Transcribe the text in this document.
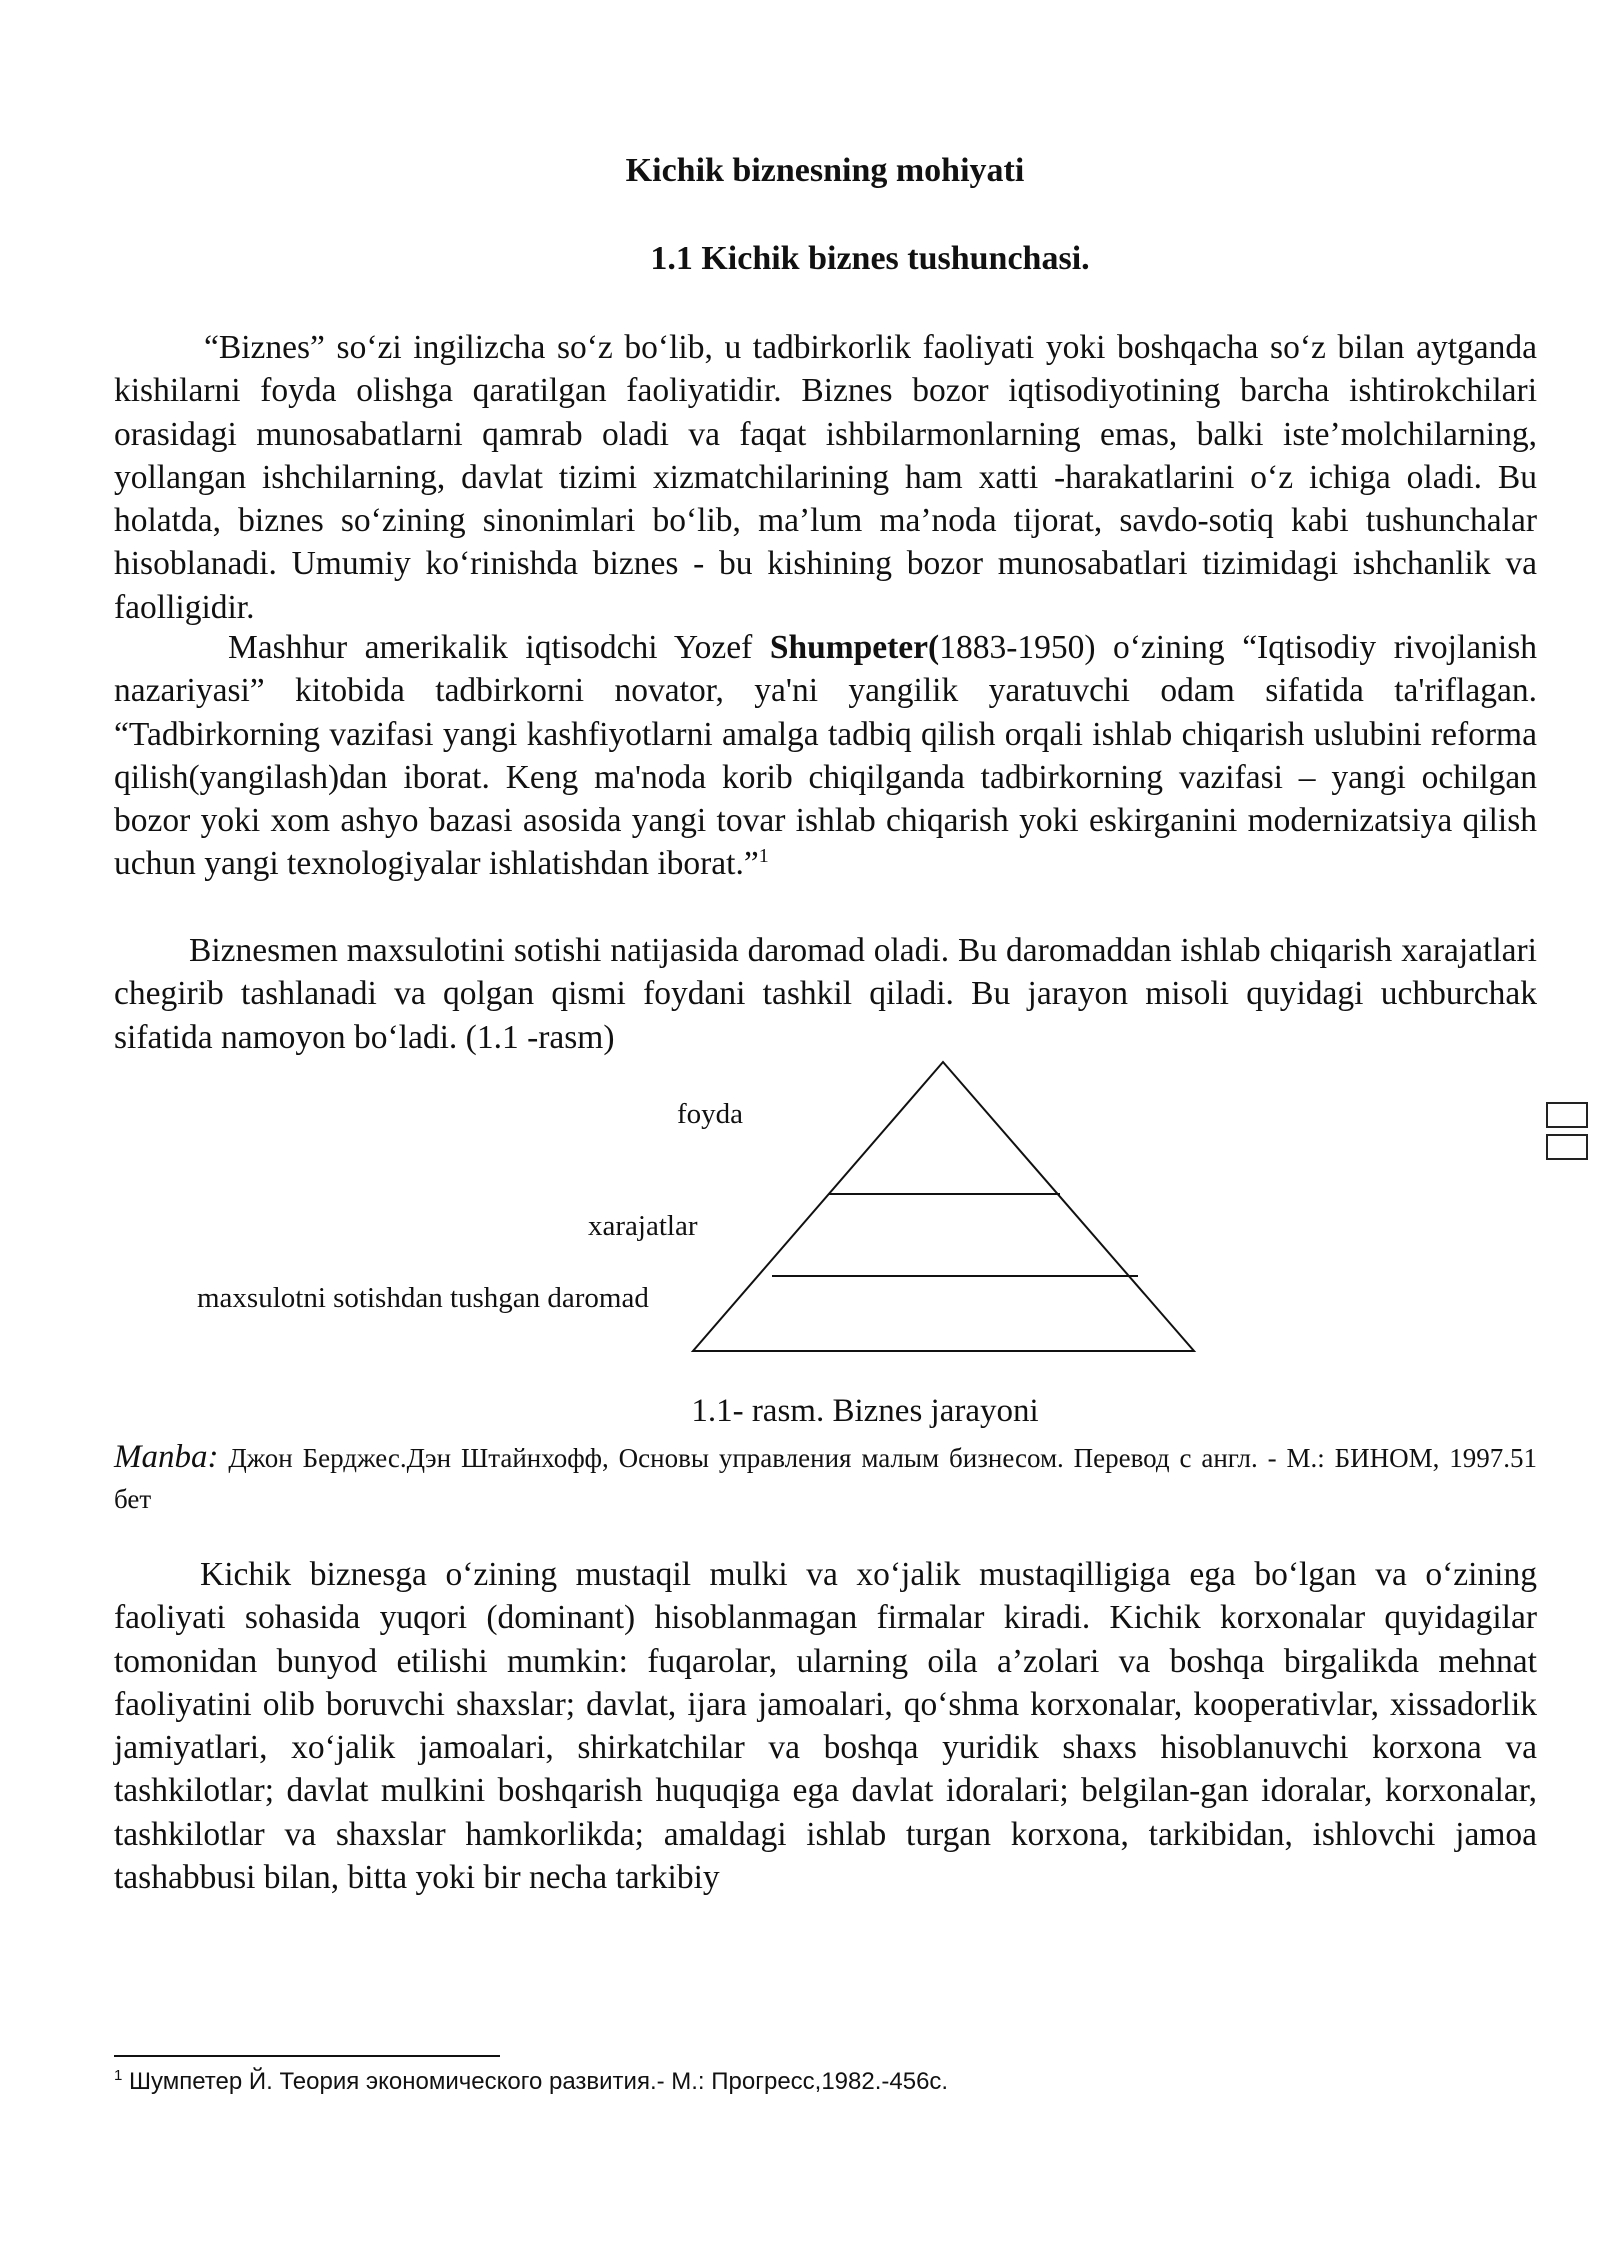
Kichik biznesning mohiyati
1.1 Kichik biznes tushunchasi.

“Biznes” so‘zi ingilizcha so‘z bo‘lib, u tadbirkorlik faoliyati yoki boshqacha so‘z bilan aytganda kishilarni foyda olishga qaratilgan faoliyatidir. Biznes bozor iqtisodiyotining barcha ishtirokchilari orasidagi munosabatlarni qamrab oladi va faqat ishbilarmonlarning emas, balki iste’molchilarning, yollangan ishchilarning, davlat tizimi xizmatchilarining ham xatti -harakatlarini o‘z ichiga oladi. Bu holatda, biznes so‘zining sinonimlari bo‘lib, ma’lum ma’noda tijorat, savdo-sotiq kabi tushunchalar hisoblanadi. Umumiy ko‘rinishda biznes - bu kishining bozor munosabatlari tizimidagi ishchanlik va faolligidir.

Mashhur amerikalik iqtisodchi Yozef Shumpeter(1883-1950) o‘zining “Iqtisodiy rivojlanish nazariyasi” kitobida tadbirkorni novator, ya'ni yangilik yaratuvchi odam sifatida ta'riflagan. “Tadbirkorning vazifasi yangi kashfiyotlarni amalga tadbiq qilish orqali ishlab chiqarish uslubini reforma qilish(yangilash)dan iborat. Keng ma'noda korib chiqilganda tadbirkorning vazifasi – yangi ochilgan bozor yoki xom ashyo bazasi asosida yangi tovar ishlab chiqarish yoki eskirganini modernizatsiya qilish uchun yangi texnologiyalar ishlatishdan iborat.”$^1$

Biznesmen maxsulotini sotishi natijasida daromad oladi. Bu daromaddan ishlab chiqarish xarajatlari chegirib tashlanadi va qolgan qismi foydani tashkil qiladi. Bu jarayon misoli quyidagi uchburchak sifatida namoyon bo‘ladi. (1.1 -rasm)

foyda
xarajatlar
maxsulotni sotishdan tushgan daromad
1.1- rasm. Biznes jarayoni

Manba: Джон Берджес.Дэн Штайнхофф, Основы управления малым бизнесом. Перевод с англ. - М.: БИНОМ, 1997.51 бет

Kichik biznesga o‘zining mustaqil mulki va xo‘jalik mustaqilligiga ega bo‘lgan va o‘zining faoliyati sohasida yuqori (dominant) hisoblanmagan firmalar kiradi. Kichik korxonalar quyidagilar tomonidan bunyod etilishi mumkin: fuqarolar, ularning oila a’zolari va boshqa birgalikda mehnat faoliyatini olib boruvchi shaxslar; davlat, ijara jamoalari, qo‘shma korxonalar, kooperativlar, xissadorlik jamiyatlari, xo‘jalik jamoalari, shirkatchilar va boshqa yuridik shaxs hisoblanuvchi korxona va tashkilotlar; davlat mulkini boshqarish huquqiga ega davlat idoralari; belgilan-gan idoralar, korxonalar, tashkilotlar va shaxslar hamkorlikda; amaldagi ishlab turgan korxona, tarkibidan, ishlovchi jamoa tashabbusi bilan, bitta yoki bir necha tarkibiy

$^1$ Шумпетер Й. Теория экономического развития.- М.: Прогресс,1982.-456с.
